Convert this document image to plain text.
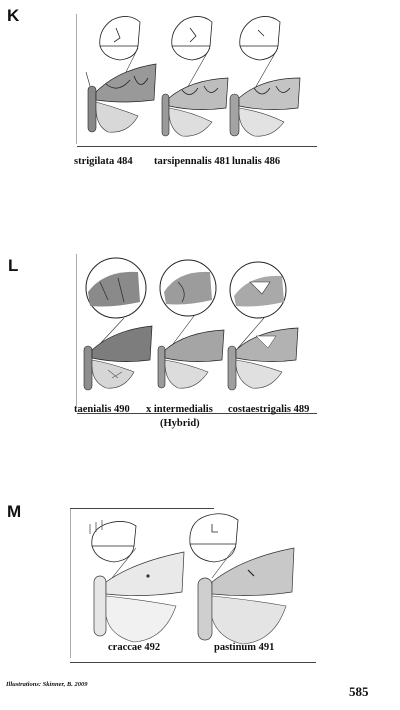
K
strigilata 484 tarsipennalis 481 lunalis 486
L
taenialis 490 x intermedialis costaestrigalis 489
(Hybrid)
M
craccae 492	pastinum 491
Illustrations: Skinner, B. 2009	585
